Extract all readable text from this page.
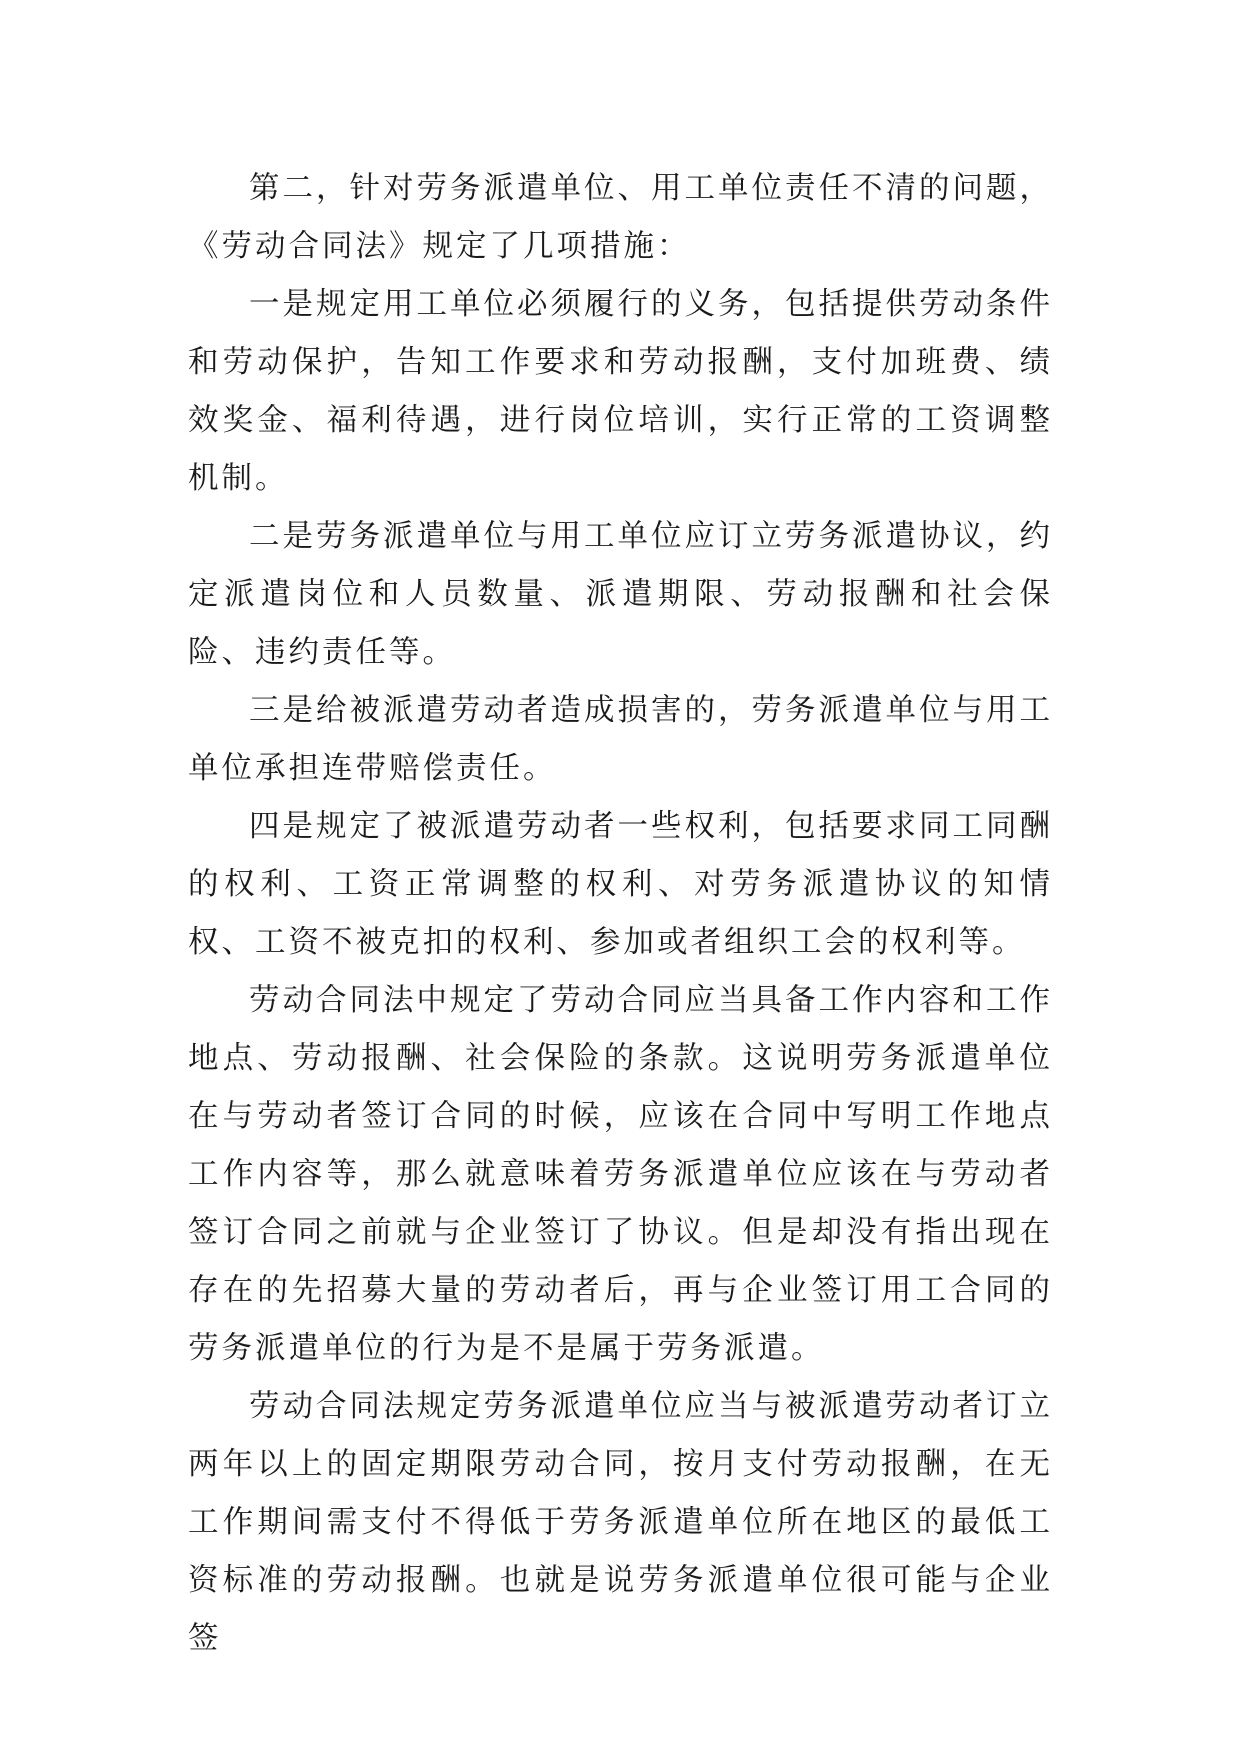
第二，针对劳务派遣单位、用工单位责任不清的问题，《劳动合同法》规定了几项措施：

一是规定用工单位必须履行的义务，包括提供劳动条件和劳动保护，告知工作要求和劳动报酬，支付加班费、绩效奖金、福利待遇，进行岗位培训，实行正常的工资调整机制。

二是劳务派遣单位与用工单位应订立劳务派遣协议，约定派遣岗位和人员数量、派遣期限、劳动报酬和社会保险、违约责任等。

三是给被派遣劳动者造成损害的，劳务派遣单位与用工单位承担连带赔偿责任。

四是规定了被派遣劳动者一些权利，包括要求同工同酬的权利、工资正常调整的权利、对劳务派遣协议的知情权、工资不被克扣的权利、参加或者组织工会的权利等。

劳动合同法中规定了劳动合同应当具备工作内容和工作地点、劳动报酬、社会保险的条款。这说明劳务派遣单位在与劳动者签订合同的时候，应该在合同中写明工作地点工作内容等，那么就意味着劳务派遣单位应该在与劳动者签订合同之前就与企业签订了协议。但是却没有指出现在存在的先招募大量的劳动者后，再与企业签订用工合同的劳务派遣单位的行为是不是属于劳务派遣。

劳动合同法规定劳务派遣单位应当与被派遣劳动者订立两年以上的固定期限劳动合同，按月支付劳动报酬，在无工作期间需支付不得低于劳务派遣单位所在地区的最低工资标准的劳动报酬。也就是说劳务派遣单位很可能与企业签
